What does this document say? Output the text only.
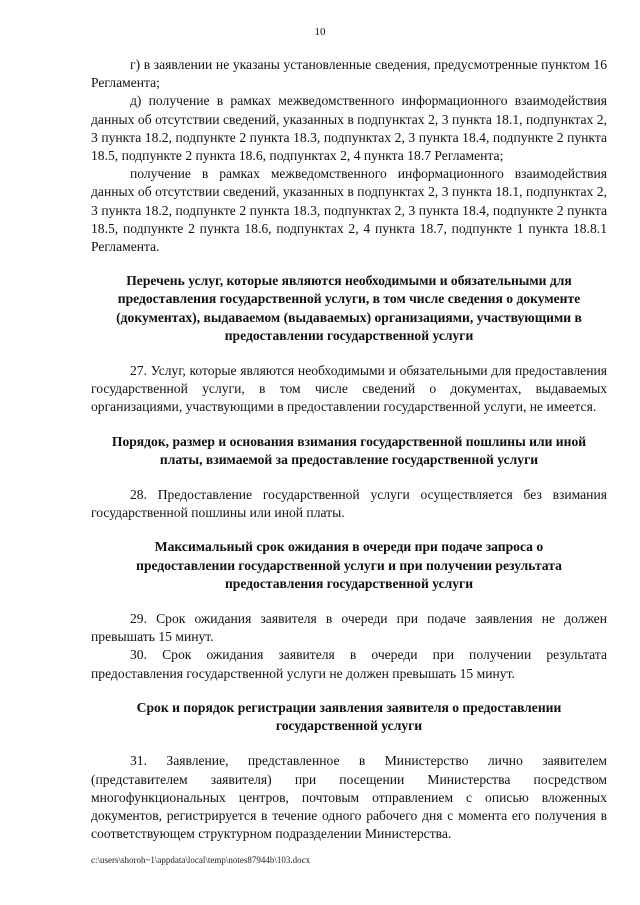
10

г) в заявлении не указаны установленные сведения, предусмотренные пунктом 16 Регламента;

д) получение в рамках межведомственного информационного взаимодействия данных об отсутствии сведений, указанных в подпунктах 2, 3 пункта 18.1, подпунктах 2, 3 пункта 18.2, подпункте 2 пункта 18.3, подпунктах 2, 3 пункта 18.4, подпункте 2 пункта 18.5, подпункте 2 пункта 18.6, подпунктах 2, 4 пункта 18.7 Регламента;

получение в рамках межведомственного информационного взаимодействия данных об отсутствии сведений, указанных в подпунктах 2, 3 пункта 18.1, подпунктах 2, 3 пункта 18.2, подпункте 2 пункта 18.3, подпунктах 2, 3 пункта 18.4, подпункте 2 пункта 18.5, подпункте 2 пункта 18.6, подпунктах 2, 4 пункта 18.7, подпункте 1 пункта 18.8.1 Регламента.

Перечень услуг, которые являются необходимыми и обязательными для предоставления государственной услуги, в том числе сведения о документе (документах), выдаваемом (выдаваемых) организациями, участвующими в предоставлении государственной услуги

27. Услуг, которые являются необходимыми и обязательными для предоставления государственной услуги, в том числе сведений о документах, выдаваемых организациями, участвующими в предоставлении государственной услуги, не имеется.

Порядок, размер и основания взимания государственной пошлины или иной платы, взимаемой за предоставление государственной услуги

28. Предоставление государственной услуги осуществляется без взимания государственной пошлины или иной платы.

Максимальный срок ожидания в очереди при подаче запроса о предоставлении государственной услуги и при получении результата предоставления государственной услуги

29. Срок ожидания заявителя в очереди при подаче заявления не должен превышать 15 минут.

30. Срок ожидания заявителя в очереди при получении результата предоставления государственной услуги не должен превышать 15 минут.

Срок и порядок регистрации заявления заявителя о предоставлении государственной услуги

31. Заявление, представленное в Министерство лично заявителем (представителем заявителя) при посещении Министерства посредством многофункциональных центров, почтовым отправлением с описью вложенных документов, регистрируется в течение одного рабочего дня с момента его получения в соответствующем структурном подразделении Министерства.

c:\users\shoroh~1\appdata\local\temp\notes87944b\103.docx
